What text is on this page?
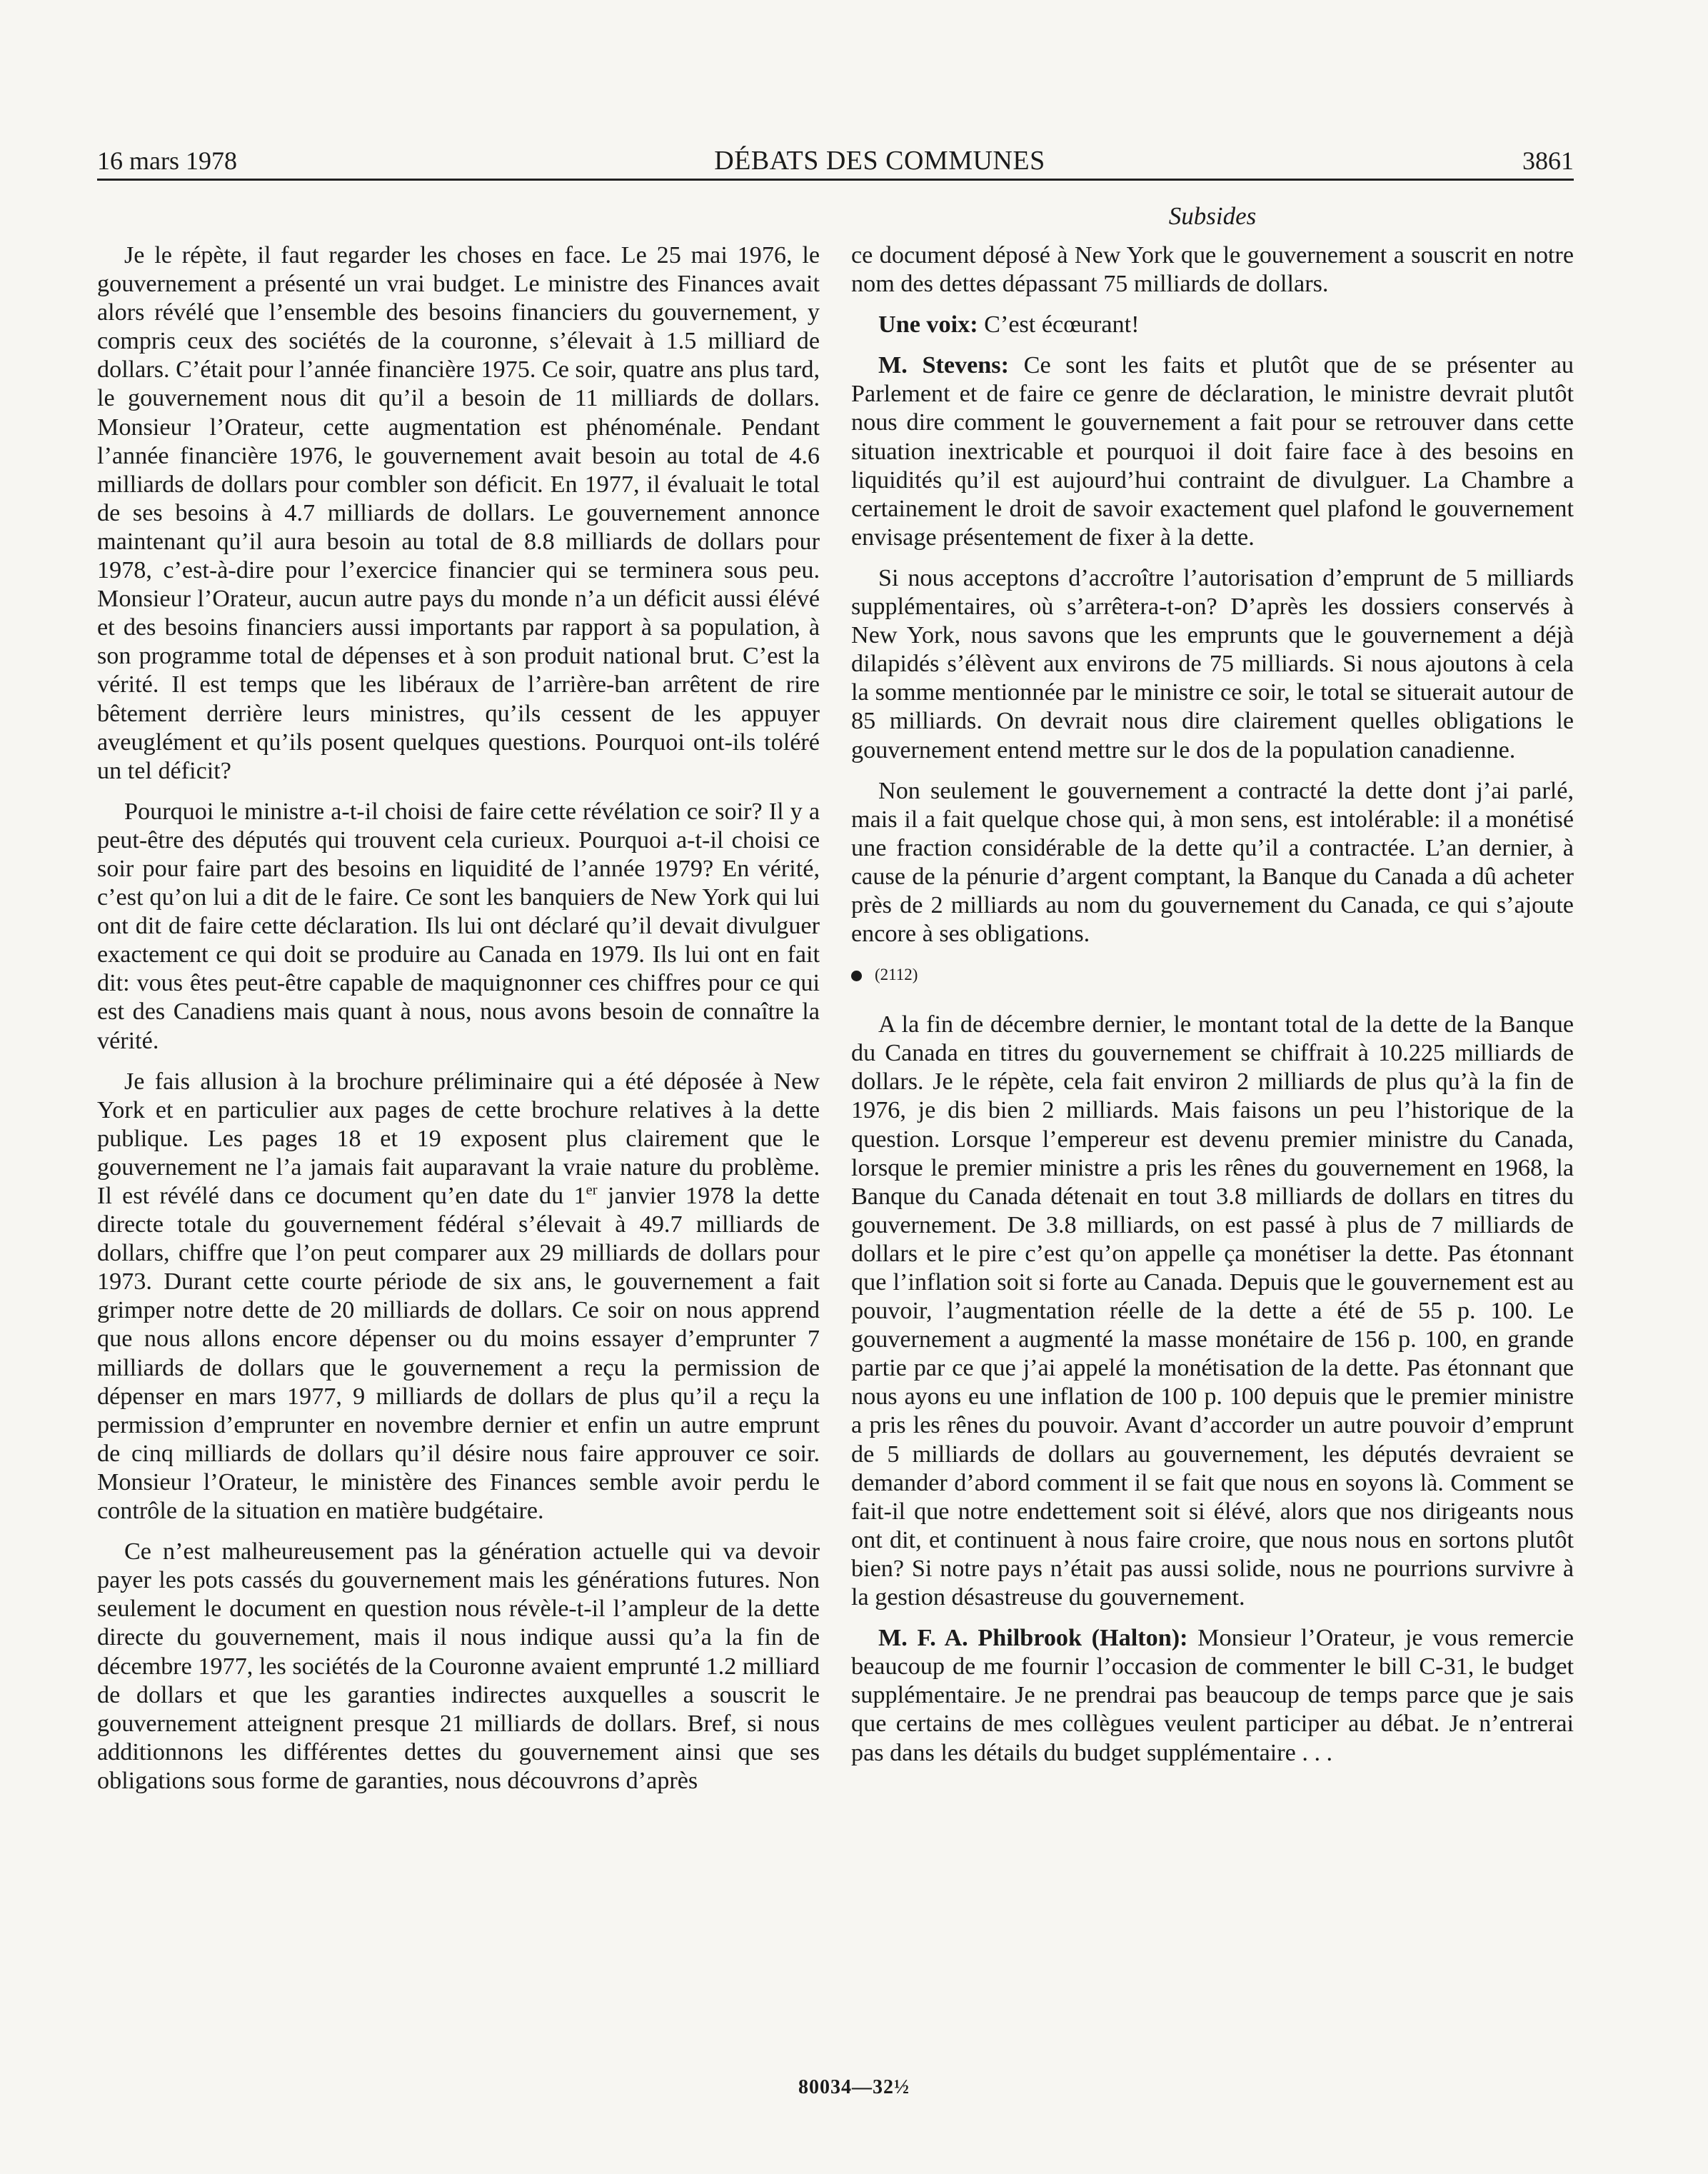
16 mars 1978	DÉBATS DES COMMUNES	3861
Subsides

Je le répète, il faut regarder les choses en face. Le 25 mai 1976, le gouvernement a présenté un vrai budget. Le ministre des Finances avait alors révélé que l’ensemble des besoins financiers du gouvernement, y compris ceux des sociétés de la couronne, s’élevait à 1.5 milliard de dollars. C’était pour l’année financière 1975. Ce soir, quatre ans plus tard, le gouvernement nous dit qu’il a besoin de 11 milliards de dollars. Monsieur l’Orateur, cette augmentation est phénoménale. Pendant l’année financière 1976, le gouvernement avait besoin au total de 4.6 milliards de dollars pour combler son déficit. En 1977, il évaluait le total de ses besoins à 4.7 milliards de dollars. Le gouvernement annonce maintenant qu’il aura besoin au total de 8.8 milliards de dollars pour 1978, c’est-à-dire pour l’exercice financier qui se terminera sous peu. Monsieur l’Orateur, aucun autre pays du monde n’a un déficit aussi élévé et des besoins financiers aussi importants par rapport à sa population, à son programme total de dépenses et à son produit national brut. C’est la vérité. Il est temps que les libéraux de l’arrière-ban arrêtent de rire bêtement derrière leurs ministres, qu’ils cessent de les appuyer aveuglément et qu’ils posent quelques questions. Pourquoi ont-ils toléré un tel déficit?

Pourquoi le ministre a-t-il choisi de faire cette révélation ce soir? Il y a peut-être des députés qui trouvent cela curieux. Pourquoi a-t-il choisi ce soir pour faire part des besoins en liquidité de l’année 1979? En vérité, c’est qu’on lui a dit de le faire. Ce sont les banquiers de New York qui lui ont dit de faire cette déclaration. Ils lui ont déclaré qu’il devait divulguer exactement ce qui doit se produire au Canada en 1979. Ils lui ont en fait dit: vous êtes peut-être capable de maquignonner ces chiffres pour ce qui est des Canadiens mais quant à nous, nous avons besoin de connaître la vérité.

Je fais allusion à la brochure préliminaire qui a été déposée à New York et en particulier aux pages de cette brochure relatives à la dette publique. Les pages 18 et 19 exposent plus clairement que le gouvernement ne l’a jamais fait auparavant la vraie nature du problème. Il est révélé dans ce document qu’en date du 1er janvier 1978 la dette directe totale du gouvernement fédéral s’élevait à 49.7 milliards de dollars, chiffre que l’on peut comparer aux 29 milliards de dollars pour 1973. Durant cette courte période de six ans, le gouvernement a fait grimper notre dette de 20 milliards de dollars. Ce soir on nous apprend que nous allons encore dépenser ou du moins essayer d’emprunter 7 milliards de dollars que le gouvernement a reçu la permission de dépenser en mars 1977, 9 milliards de dollars de plus qu’il a reçu la permission d’emprunter en novembre dernier et enfin un autre emprunt de cinq milliards de dollars qu’il désire nous faire approuver ce soir. Monsieur l’Orateur, le ministère des Finances semble avoir perdu le contrôle de la situation en matière budgétaire.

Ce n’est malheureusement pas la génération actuelle qui va devoir payer les pots cassés du gouvernement mais les générations futures. Non seulement le document en question nous révèle-t-il l’ampleur de la dette directe du gouvernement, mais il nous indique aussi qu’a la fin de décembre 1977, les sociétés de la Couronne avaient emprunté 1.2 milliard de dollars et que les garanties indirectes auxquelles a souscrit le gouvernement atteignent presque 21 milliards de dollars. Bref, si nous additionnons les différentes dettes du gouvernement ainsi que ses obligations sous forme de garanties, nous découvrons d’après

ce document déposé à New York que le gouvernement a souscrit en notre nom des dettes dépassant 75 milliards de dollars.

Une voix: C’est écœurant!

M. Stevens: Ce sont les faits et plutôt que de se présenter au Parlement et de faire ce genre de déclaration, le ministre devrait plutôt nous dire comment le gouvernement a fait pour se retrouver dans cette situation inextricable et pourquoi il doit faire face à des besoins en liquidités qu’il est aujourd’hui contraint de divulguer. La Chambre a certainement le droit de savoir exactement quel plafond le gouvernement envisage présentement de fixer à la dette.

Si nous acceptons d’accroître l’autorisation d’emprunt de 5 milliards supplémentaires, où s’arrêtera-t-on? D’après les dossiers conservés à New York, nous savons que les emprunts que le gouvernement a déjà dilapidés s’élèvent aux environs de 75 milliards. Si nous ajoutons à cela la somme mentionnée par le ministre ce soir, le total se situerait autour de 85 milliards. On devrait nous dire clairement quelles obligations le gouvernement entend mettre sur le dos de la population canadienne.

Non seulement le gouvernement a contracté la dette dont j’ai parlé, mais il a fait quelque chose qui, à mon sens, est intolérable: il a monétisé une fraction considérable de la dette qu’il a contractée. L’an dernier, à cause de la pénurie d’argent comptant, la Banque du Canada a dû acheter près de 2 milliards au nom du gouvernement du Canada, ce qui s’ajoute encore à ses obligations.

(2112)

A la fin de décembre dernier, le montant total de la dette de la Banque du Canada en titres du gouvernement se chiffrait à 10.225 milliards de dollars. Je le répète, cela fait environ 2 milliards de plus qu’à la fin de 1976, je dis bien 2 milliards. Mais faisons un peu l’historique de la question. Lorsque l’empereur est devenu premier ministre du Canada, lorsque le premier ministre a pris les rênes du gouvernement en 1968, la Banque du Canada détenait en tout 3.8 milliards de dollars en titres du gouvernement. De 3.8 milliards, on est passé à plus de 7 milliards de dollars et le pire c’est qu’on appelle ça monétiser la dette. Pas étonnant que l’inflation soit si forte au Canada. Depuis que le gouvernement est au pouvoir, l’augmentation réelle de la dette a été de 55 p. 100. Le gouvernement a augmenté la masse monétaire de 156 p. 100, en grande partie par ce que j’ai appelé la monétisation de la dette. Pas étonnant que nous ayons eu une inflation de 100 p. 100 depuis que le premier ministre a pris les rênes du pouvoir. Avant d’accorder un autre pouvoir d’emprunt de 5 milliards de dollars au gouvernement, les députés devraient se demander d’abord comment il se fait que nous en soyons là. Comment se fait-il que notre endettement soit si élévé, alors que nos dirigeants nous ont dit, et continuent à nous faire croire, que nous nous en sortons plutôt bien? Si notre pays n’était pas aussi solide, nous ne pourrions survivre à la gestion désastreuse du gouvernement.

M. F. A. Philbrook (Halton): Monsieur l’Orateur, je vous remercie beaucoup de me fournir l’occasion de commenter le bill C-31, le budget supplémentaire. Je ne prendrai pas beaucoup de temps parce que je sais que certains de mes collègues veulent participer au débat. Je n’entrerai pas dans les détails du budget supplémentaire . . .

80034—32½
